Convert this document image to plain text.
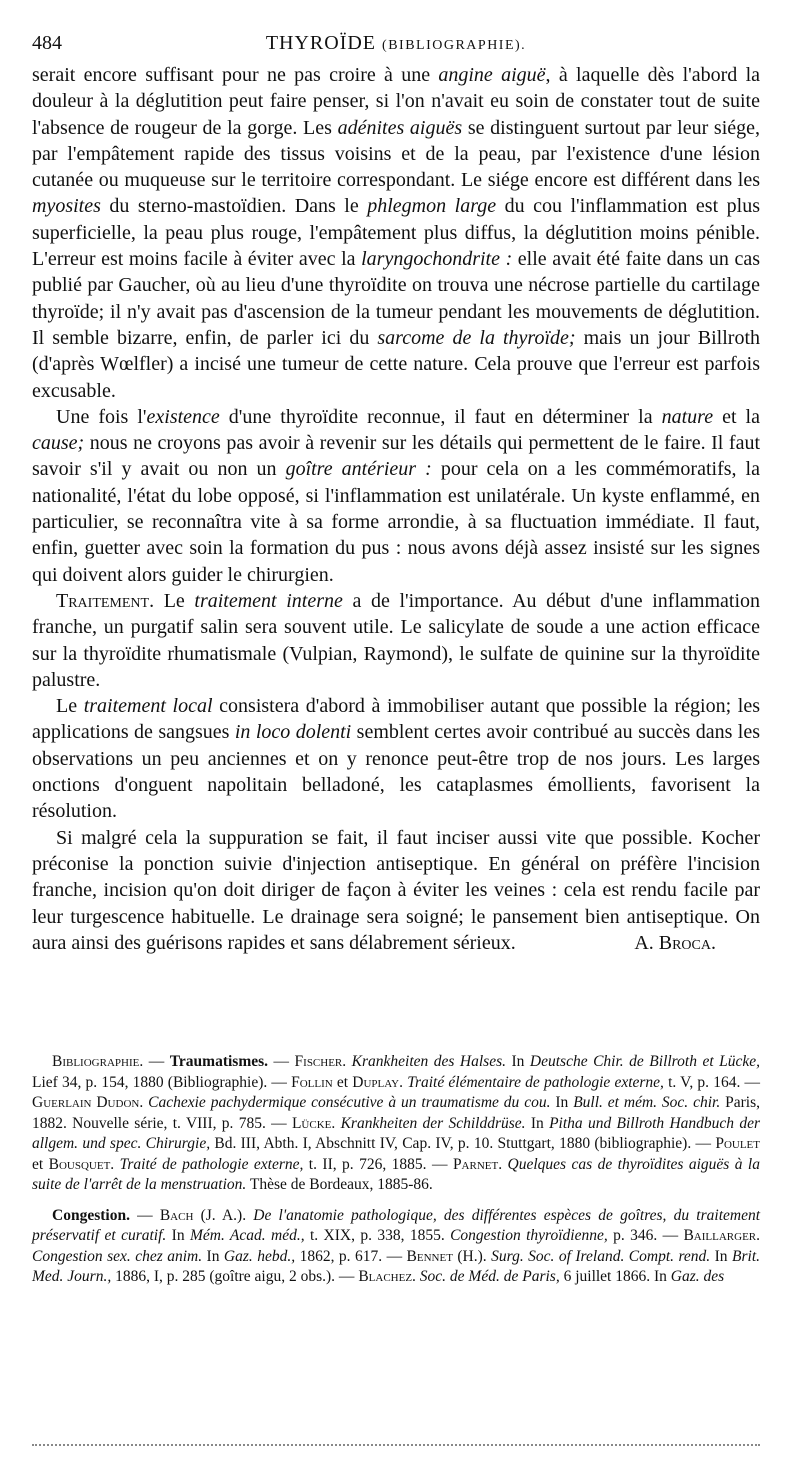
484	THYROÏDE (BIBLIOGRAPHIE).

serait encore suffisant pour ne pas croire à une angine aiguë, à laquelle dès l'abord la douleur à la déglutition peut faire penser, si l'on n'avait eu soin de constater tout de suite l'absence de rougeur de la gorge. Les adénites aiguës se distinguent surtout par leur siége, par l'empâtement rapide des tissus voisins et de la peau, par l'existence d'une lésion cutanée ou muqueuse sur le territoire correspondant. Le siége encore est différent dans les myosites du sterno-mastoïdien. Dans le phlegmon large du cou l'inflammation est plus superficielle, la peau plus rouge, l'empâtement plus diffus, la déglutition moins pénible. L'erreur est moins facile à éviter avec la laryngochondrite : elle avait été faite dans un cas publié par Gaucher, où au lieu d'une thyroïdite on trouva une nécrose partielle du cartilage thyroïde; il n'y avait pas d'ascension de la tumeur pendant les mouvements de déglutition. Il semble bizarre, enfin, de parler ici du sarcome de la thyroïde; mais un jour Billroth (d'après Wœlfler) a incisé une tumeur de cette nature. Cela prouve que l'erreur est parfois excusable.

Une fois l'existence d'une thyroïdite reconnue, il faut en déterminer la nature et la cause; nous ne croyons pas avoir à revenir sur les détails qui permettent de le faire. Il faut savoir s'il y avait ou non un goître antérieur : pour cela on a les commémoratifs, la nationalité, l'état du lobe opposé, si l'inflammation est unilatérale. Un kyste enflammé, en particulier, se reconnaîtra vite à sa forme arrondie, à sa fluctuation immédiate. Il faut, enfin, guetter avec soin la formation du pus : nous avons déjà assez insisté sur les signes qui doivent alors guider le chirurgien.

Traitement. Le traitement interne a de l'importance. Au début d'une inflammation franche, un purgatif salin sera souvent utile. Le salicylate de soude a une action efficace sur la thyroïdite rhumatismale (Vulpian, Raymond), le sulfate de quinine sur la thyroïdite palustre.

Le traitement local consistera d'abord à immobiliser autant que possible la région; les applications de sangsues in loco dolenti semblent certes avoir contribué au succès dans les observations un peu anciennes et on y renonce peut-être trop de nos jours. Les larges onctions d'onguent napolitain belladoné, les cataplasmes émollients, favorisent la résolution.

Si malgré cela la suppuration se fait, il faut inciser aussi vite que possible. Kocher préconise la ponction suivie d'injection antiseptique. En général on préfère l'incision franche, incision qu'on doit diriger de façon à éviter les veines : cela est rendu facile par leur turgescence habituelle. Le drainage sera soigné; le pansement bien antiseptique. On aura ainsi des guérisons rapides et sans délabrement sérieux.	A. Broca.

Bibliographie. — Traumatismes. — Fischer. Krankheiten des Halses. In Deutsche Chir. de Billroth et Lücke, Lief 34, p. 154, 1880 (Bibliographie). — Follin et Duplay. Traité élémentaire de pathologie externe, t. V, p. 164. — Guerlain Dudon. Cachexie pachydermique consécutive à un traumatisme du cou. In Bull. et mém. Soc. chir. Paris, 1882. Nouvelle série, t. VIII, p. 785. — Lücke. Krankheiten der Schilddrüse. In Pitha und Billroth Handbuch der allgem. und spec. Chirurgie, Bd. III, Abth. I, Abschnitt IV, Cap. IV, p. 10. Stuttgart, 1880 (bibliographie). — Poulet et Bousquet. Traité de pathologie externe, t. II, p. 726, 1885. — Parnet. Quelques cas de thyroïdites aiguës à la suite de l'arrêt de la menstruation. Thèse de Bordeaux, 1885-86.

Congestion. — Bach (J. A.). De l'anatomie pathologique, des différentes espèces de goîtres, du traitement préservatif et curatif. In Mém. Acad. méd., t. XIX, p. 338, 1855. Congestion thyroïdienne, p. 346. — Baillarger. Congestion sex. chez anim. In Gaz. hebd., 1862, p. 617. — Bennet (H.). Surg. Soc. of Ireland. Compt. rend. In Brit. Med. Journ., 1886, I, p. 285 (goître aigu, 2 obs.). — Blachez. Soc. de Méd. de Paris, 6 juillet 1866. In Gaz. des
